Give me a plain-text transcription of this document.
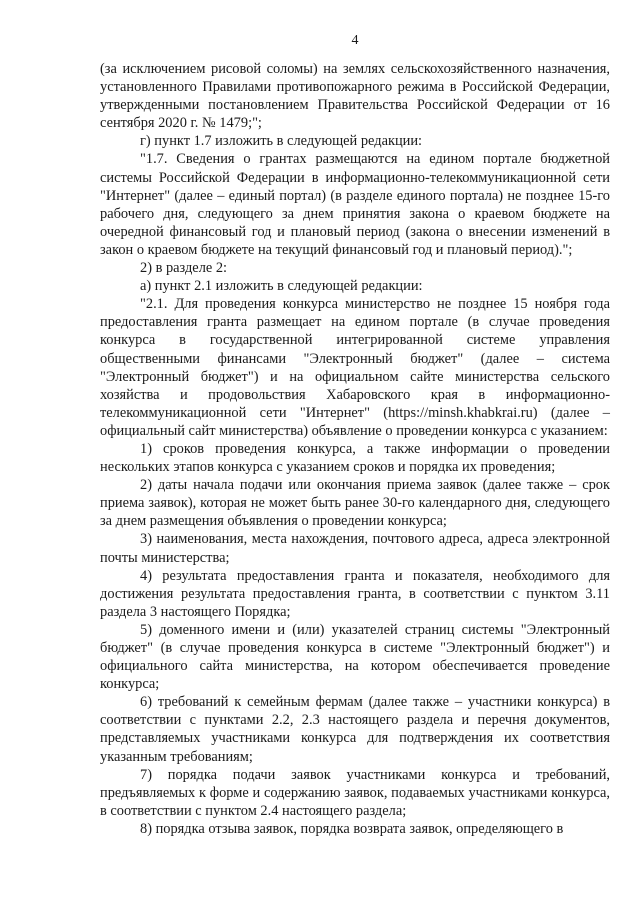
4

(за исключением рисовой соломы) на землях сельскохозяйственного назначения, установленного Правилами противопожарного режима в Российской Федерации, утвержденными постановлением Правительства Российской Федерации от 16 сентября 2020 г. № 1479;";

г) пункт 1.7 изложить в следующей редакции:

"1.7. Сведения о грантах размещаются на едином портале бюджетной системы Российской Федерации в информационно-телекоммуникационной сети "Интернет" (далее – единый портал) (в разделе единого портала) не позднее 15-го рабочего дня, следующего за днем принятия закона о краевом бюджете на очередной финансовый год и плановый период (закона о внесении изменений в закон о краевом бюджете на текущий финансовый год и плановый период).";

2) в разделе 2:

а) пункт 2.1 изложить в следующей редакции:

"2.1. Для проведения конкурса министерство не позднее 15 ноября года предоставления гранта размещает на едином портале (в случае проведения конкурса в государственной интегрированной системе управления общественными финансами "Электронный бюджет" (далее – система "Электронный бюджет") и на официальном сайте министерства сельского хозяйства и продовольствия Хабаровского края в информационно-телекоммуникационной сети "Интернет" (https://minsh.khabkrai.ru) (далее – официальный сайт министерства) объявление о проведении конкурса с указанием:

1) сроков проведения конкурса, а также информации о проведении нескольких этапов конкурса с указанием сроков и порядка их проведения;

2) даты начала подачи или окончания приема заявок (далее также – срок приема заявок), которая не может быть ранее 30-го календарного дня, следующего за днем размещения объявления о проведении конкурса;

3) наименования, места нахождения, почтового адреса, адреса электронной почты министерства;

4) результата предоставления гранта и показателя, необходимого для достижения результата предоставления гранта, в соответствии с пунктом 3.11 раздела 3 настоящего Порядка;

5) доменного имени и (или) указателей страниц системы "Электронный бюджет" (в случае проведения конкурса в системе "Электронный бюджет") и официального сайта министерства, на котором обеспечивается проведение конкурса;

6) требований к семейным фермам (далее также – участники конкурса) в соответствии с пунктами 2.2, 2.3 настоящего раздела и перечня документов, представляемых участниками конкурса для подтверждения их соответствия указанным требованиям;

7) порядка подачи заявок участниками конкурса и требований, предъявляемых к форме и содержанию заявок, подаваемых участниками конкурса, в соответствии с пунктом 2.4 настоящего раздела;

8) порядка отзыва заявок, порядка возврата заявок, определяющего в
